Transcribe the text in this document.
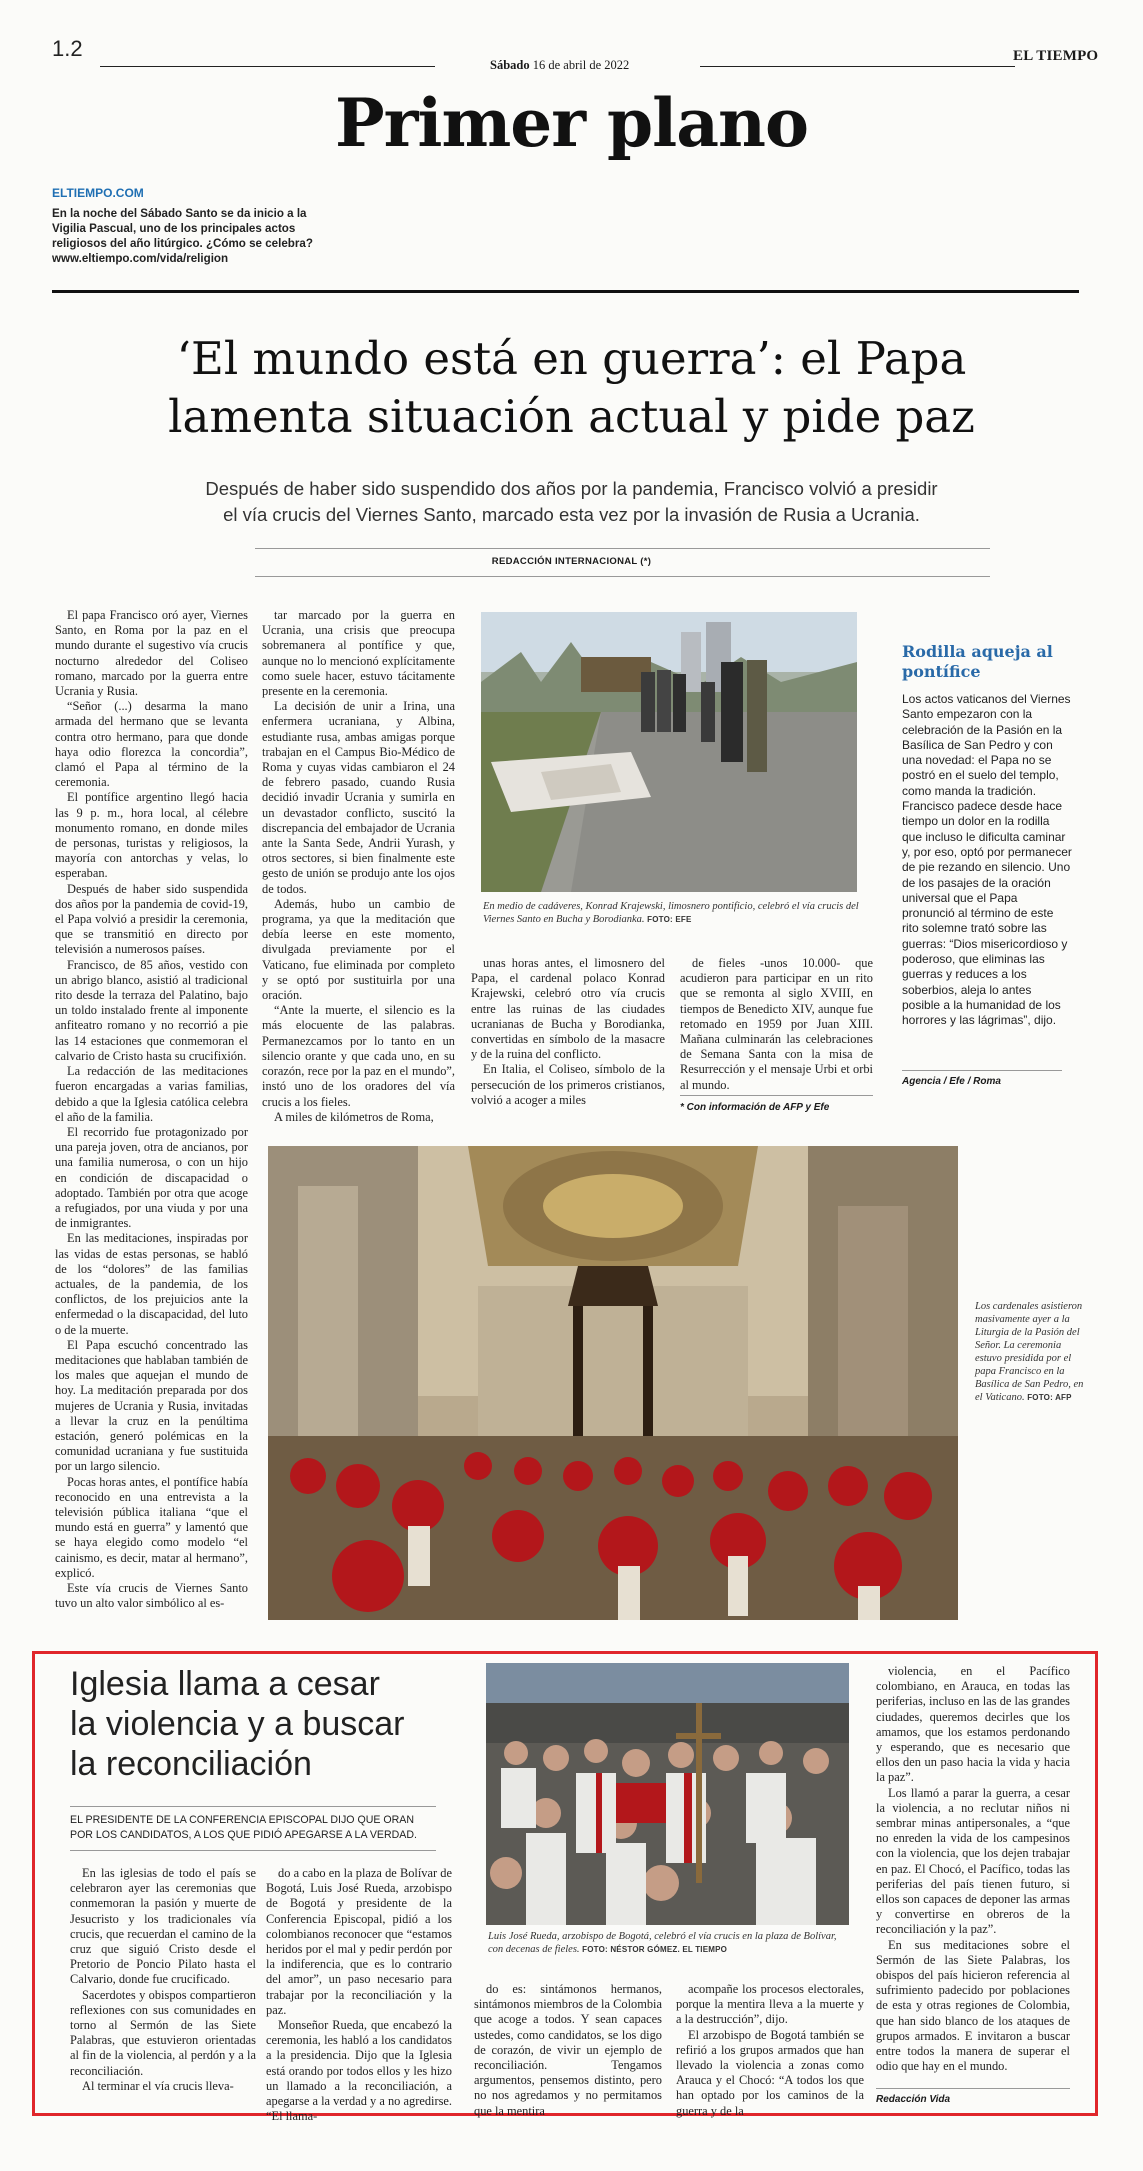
1.2
Sábado 16 de abril de 2022
EL TIEMPO
Primer plano
ELTIEMPO.COM
En la noche del Sábado Santo se da inicio a la Vigilia Pascual, uno de los principales actos religiosos del año litúrgico. ¿Cómo se celebra? www.eltiempo.com/vida/religion
‘El mundo está en guerra’: el Papa
lamenta situación actual y pide paz
Después de haber sido suspendido dos años por la pandemia, Francisco volvió a presidir
el vía crucis del Viernes Santo, marcado esta vez por la invasión de Rusia a Ucrania.
REDACCIÓN INTERNACIONAL (*)

El papa Francisco oró ayer, Viernes Santo, en Roma por la paz en el mundo durante el sugestivo vía crucis nocturno alrededor del Coliseo romano, marcado por la guerra entre Ucrania y Rusia.

“Señor (...) desarma la mano armada del hermano que se levanta contra otro hermano, para que donde haya odio florezca la concordia”, clamó el Papa al término de la ceremonia.

El pontífice argentino llegó hacia las 9 p. m., hora local, al célebre monumento romano, en donde miles de personas, turistas y religiosos, la mayoría con antorchas y velas, lo esperaban.

Después de haber sido suspendida dos años por la pandemia de covid-19, el Papa volvió a presidir la ceremonia, que se transmitió en directo por televisión a numerosos países.

Francisco, de 85 años, vestido con un abrigo blanco, asistió al tradicional rito desde la terraza del Palatino, bajo un toldo instalado frente al imponente anfiteatro romano y no recorrió a pie las 14 estaciones que conmemoran el calvario de Cristo hasta su crucifixión.

La redacción de las meditaciones fueron encargadas a varias familias, debido a que la Iglesia católica celebra el año de la familia.

El recorrido fue protagonizado por una pareja joven, otra de ancianos, por una familia numerosa, o con un hijo en condición de discapacidad o adoptado. También por otra que acoge a refugiados, por una viuda y por una de inmigrantes.

En las meditaciones, inspiradas por las vidas de estas personas, se habló de los “dolores” de las familias actuales, de la pandemia, de los conflictos, de los prejuicios ante la enfermedad o la discapacidad, del luto o de la muerte.

El Papa escuchó concentrado las meditaciones que hablaban también de los males que aquejan el mundo de hoy. La meditación preparada por dos mujeres de Ucrania y Rusia, invitadas a llevar la cruz en la penúltima estación, generó polémicas en la comunidad ucraniana y fue sustituida por un largo silencio.

Pocas horas antes, el pontífice había reconocido en una entrevista a la televisión pública italiana “que el mundo está en guerra” y lamentó que se haya elegido como modelo “el cainismo, es decir, matar al hermano”, explicó.

Este vía crucis de Viernes Santo tuvo un alto valor simbólico al es-

tar marcado por la guerra en Ucrania, una crisis que preocupa sobremanera al pontífice y que, aunque no lo mencionó explícitamente como suele hacer, estuvo tácitamente presente en la ceremonia.

La decisión de unir a Irina, una enfermera ucraniana, y Albina, estudiante rusa, ambas amigas porque trabajan en el Campus Bio-Médico de Roma y cuyas vidas cambiaron el 24 de febrero pasado, cuando Rusia decidió invadir Ucrania y sumirla en un devastador conflicto, suscitó la discrepancia del embajador de Ucrania ante la Santa Sede, Andrii Yurash, y otros sectores, si bien finalmente este gesto de unión se produjo ante los ojos de todos.

Además, hubo un cambio de programa, ya que la meditación que debía leerse en este momento, divulgada previamente por el Vaticano, fue eliminada por completo y se optó por sustituirla por una oración.

“Ante la muerte, el silencio es la más elocuente de las palabras. Permanezcamos por lo tanto en un silencio orante y que cada uno, en su corazón, rece por la paz en el mundo”, instó uno de los oradores del vía crucis a los fieles.

A miles de kilómetros de Roma,

En medio de cadáveres, Konrad Krajewski, limosnero pontificio, celebró el vía crucis del Viernes Santo en Bucha y Borodianka. FOTO: EFE

unas horas antes, el limosnero del Papa, el cardenal polaco Konrad Krajewski, celebró otro vía crucis entre las ruinas de las ciudades ucranianas de Bucha y Borodianka, convertidas en símbolo de la masacre y de la ruina del conflicto.

En Italia, el Coliseo, símbolo de la persecución de los primeros cristianos, volvió a acoger a miles

de fieles -unos 10.000- que acudieron para participar en un rito que se remonta al siglo XVIII, en tiempos de Benedicto XIV, aunque fue retomado en 1959 por Juan XIII. Mañana culminarán las celebraciones de Semana Santa con la misa de Resurrección y el mensaje Urbi et orbi al mundo.

* Con información de AFP y Efe
Rodilla aqueja al pontífice
Los actos vaticanos del Viernes Santo empezaron con la celebración de la Pasión en la Basílica de San Pedro y con una novedad: el Papa no se postró en el suelo del templo, como manda la tradición. Francisco padece desde hace tiempo un dolor en la rodilla que incluso le dificulta caminar y, por eso, optó por permanecer de pie rezando en silencio. Uno de los pasajes de la oración universal que el Papa pronunció al término de este rito solemne trató sobre las guerras: “Dios misericordioso y poderoso, que eliminas las guerras y reduces a los soberbios, aleja lo antes posible a la humanidad de los horrores y las lágrimas”, dijo.
Agencia / Efe / Roma
Los cardenales asistieron masivamente ayer a la Liturgia de la Pasión del Señor. La ceremonia estuvo presidida por el papa Francisco en la Basílica de San Pedro, en el Vaticano. FOTO: AFP
Iglesia llama a cesar
la violencia y a buscar
la reconciliación
EL PRESIDENTE DE LA CONFERENCIA EPISCOPAL DIJO QUE ORAN POR LOS CANDIDATOS, A LOS QUE PIDIÓ APEGARSE A LA VERDAD.

En las iglesias de todo el país se celebraron ayer las ceremonias que conmemoran la pasión y muerte de Jesucristo y los tradicionales vía crucis, que recuerdan el camino de la cruz que siguió Cristo desde el Pretorio de Poncio Pilato hasta el Calvario, donde fue crucificado.

Sacerdotes y obispos compartieron reflexiones con sus comunidades en torno al Sermón de las Siete Palabras, que estuvieron orientadas al fin de la violencia, al perdón y a la reconciliación.

Al terminar el vía crucis lleva-

do a cabo en la plaza de Bolívar de Bogotá, Luis José Rueda, arzobispo de Bogotá y presidente de la Conferencia Episcopal, pidió a los colombianos reconocer que “estamos heridos por el mal y pedir perdón por la indiferencia, que es lo contrario del amor”, un paso necesario para trabajar por la reconciliación y la paz.

Monseñor Rueda, que encabezó la ceremonia, les habló a los candidatos a la presidencia. Dijo que la Iglesia está orando por todos ellos y les hizo un llamado a la reconciliación, a apegarse a la verdad y a no agredirse. “El llama-

Luis José Rueda, arzobispo de Bogotá, celebró el vía crucis en la plaza de Bolívar, con decenas de fieles. FOTO: NÉSTOR GÓMEZ. EL TIEMPO

do es: sintámonos hermanos, sintámonos miembros de la Colombia que acoge a todos. Y sean capaces ustedes, como candidatos, se los digo de corazón, de vivir un ejemplo de reconciliación. Tengamos argumentos, pensemos distinto, pero no nos agredamos y no permitamos que la mentira

acompañe los procesos electorales, porque la mentira lleva a la muerte y a la destrucción”, dijo.

El arzobispo de Bogotá también se refirió a los grupos armados que han llevado la violencia a zonas como Arauca y el Chocó: “A todos los que han optado por los caminos de la guerra y de la

violencia, en el Pacífico colombiano, en Arauca, en todas las periferias, incluso en las de las grandes ciudades, queremos decirles que los amamos, que los estamos perdonando y esperando, que es necesario que ellos den un paso hacia la vida y hacia la paz”.

Los llamó a parar la guerra, a cesar la violencia, a no reclutar niños ni sembrar minas antipersonales, a “que no enreden la vida de los campesinos con la violencia, que los dejen trabajar en paz. El Chocó, el Pacífico, todas las periferias del país tienen futuro, si ellos son capaces de deponer las armas y convertirse en obreros de la reconciliación y la paz”.

En sus meditaciones sobre el Sermón de las Siete Palabras, los obispos del país hicieron referencia al sufrimiento padecido por poblaciones de esta y otras regiones de Colombia, que han sido blanco de los ataques de grupos armados. E invitaron a buscar entre todos la manera de superar el odio que hay en el mundo.

Redacción Vida
